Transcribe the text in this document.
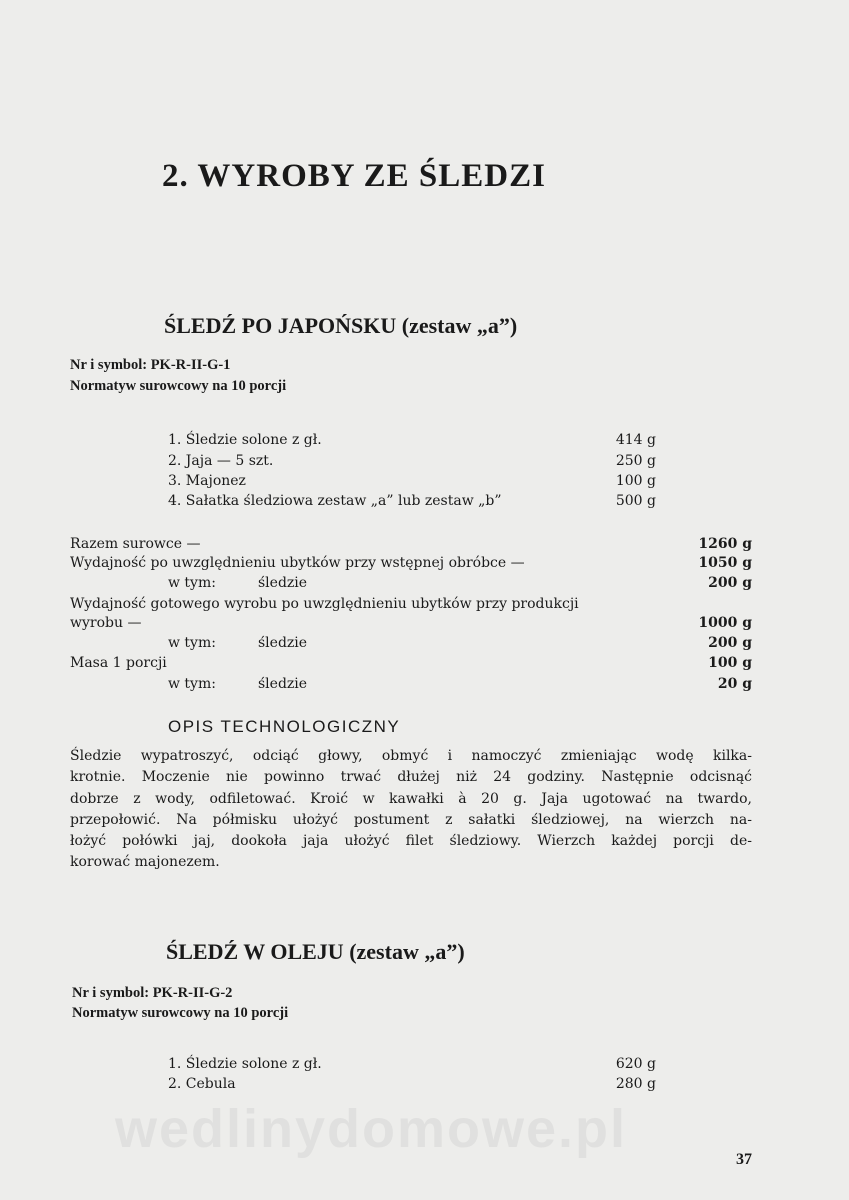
wedlinydomowe.pl
2. WYROBY ZE ŚLEDZI
ŚLEDŹ PO JAPOŃSKU (zestaw „a”)
Nr i symbol: PK-R-II-G-1
Normatyw surowcowy na 10 porcji
1. Śledzie solone z gł.	414 g
2. Jaja — 5 szt.	250 g
3. Majonez	100 g
4. Sałatka śledziowa zestaw „a” lub zestaw „b”	500 g
Razem surowce —	1260 g
Wydajność po uwzględnieniu ubytków przy wstępnej obróbce —	1050 g
w tym:	śledzie	200 g
Wydajność gotowego wyrobu po uwzględnieniu ubytków przy produkcji
wyrobu —	1000 g
w tym:	śledzie	200 g
Masa 1 porcji	100 g
w tym:	śledzie	20 g
OPIS TECHNOLOGICZNY
Śledzie wypatroszyć, odciąć głowy, obmyć i namoczyć zmieniając wodę kilka-
krotnie. Moczenie nie powinno trwać dłużej niż 24 godziny. Następnie odcisnąć
dobrze z wody, odfiletować. Kroić w kawałki à 20 g. Jaja ugotować na twardo,
przepołowić. Na półmisku ułożyć postument z sałatki śledziowej, na wierzch na-
łożyć połówki jaj, dookoła jaja ułożyć filet śledziowy. Wierzch każdej porcji de-
korować majonezem.
ŚLEDŹ W OLEJU (zestaw „a”)
Nr i symbol: PK-R-II-G-2
Normatyw surowcowy na 10 porcji
1. Śledzie solone z gł.	620 g
2. Cebula	280 g
37
